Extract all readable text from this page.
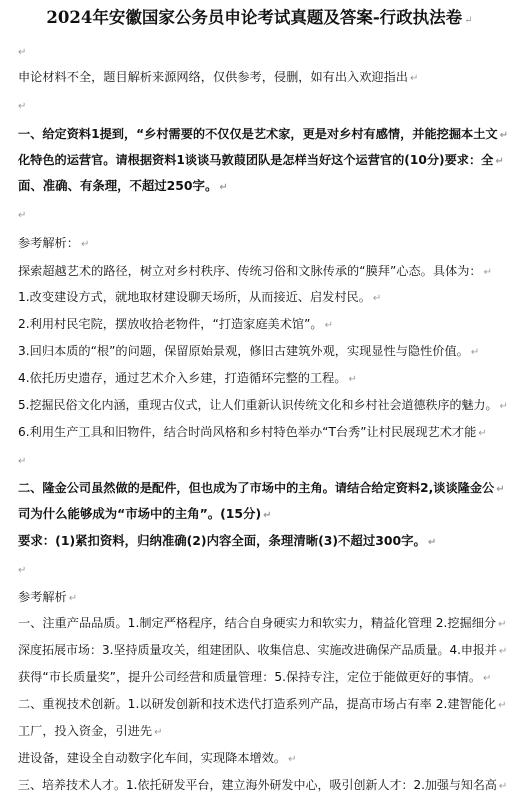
2024年安徽国家公务员申论考试真题及答案-行政执法卷 ↵
↵
申论材料不全，题目解析来源网络，仅供参考，侵删，如有出入欢迎指出 ↵
↵
一、给定资料1提到，“乡村需要的不仅仅是艺术家，更是对乡村有感情，并能挖掘本土文 ↵
化特色的运营官。请根据资料1谈谈马敦葭团队是怎样当好这个运营官的(10分)要求：全 ↵
面、准确、有条理，不超过250字。 ↵
↵
参考解析： ↵
探索超越艺术的路径，树立对乡村秩序、传统习俗和文脉传承的“膜拜”心态。具体为： ↵
1.改变建设方式，就地取材建设聊天场所，从而接近、启发村民。 ↵
2.利用村民宅院，摆放收拾老物件，“打造家庭美术馆”。 ↵
3.回归本质的“根”的问题，保留原始景观，修旧古建筑外观，实现显性与隐性价值。 ↵
4.依托历史遗存，通过艺术介入乡建，打造循环完整的工程。 ↵
5.挖掘民俗文化内涵，重现古仪式，让人们重新认识传统文化和乡村社会道德秩序的魅力。 ↵
6.利用生产工具和旧物件，结合时尚风格和乡村特色举办“T台秀”让村民展现艺术才能 ↵
↵
二、隆金公司虽然做的是配件，但也成为了市场中的主角。请结合给定资料2,谈谈隆金公 ↵
司为什么能够成为“市场中的主角”。(15分) ↵
要求：(1)紧扣资料，归纳准确(2)内容全面，条理清晰(3)不超过300字。 ↵
↵
参考解析 ↵
一、注重产品品质。1.制定严格程序，结合自身硬实力和软实力，精益化管理 2.挖掘细分 ↵
深度拓展市场：3.坚持质量攻关，组建团队、收集信息、实施改进确保产品质量。4.申报并 ↵
获得“市长质量奖”，提升公司经营和质量管理：5.保持专注，定位于能做更好的事情。 ↵
二、重视技术创新。1.以研发创新和技术迭代打造系列产品，提高市场占有率 2.建智能化 ↵
工厂，投入资金，引进先 ↵
进设备，建设全自动数字化车间，实现降本增效。 ↵
三、培养技术人才。1.依托研发平台，建立海外研发中心，吸引创新人才：2.加强与知名高 ↵
